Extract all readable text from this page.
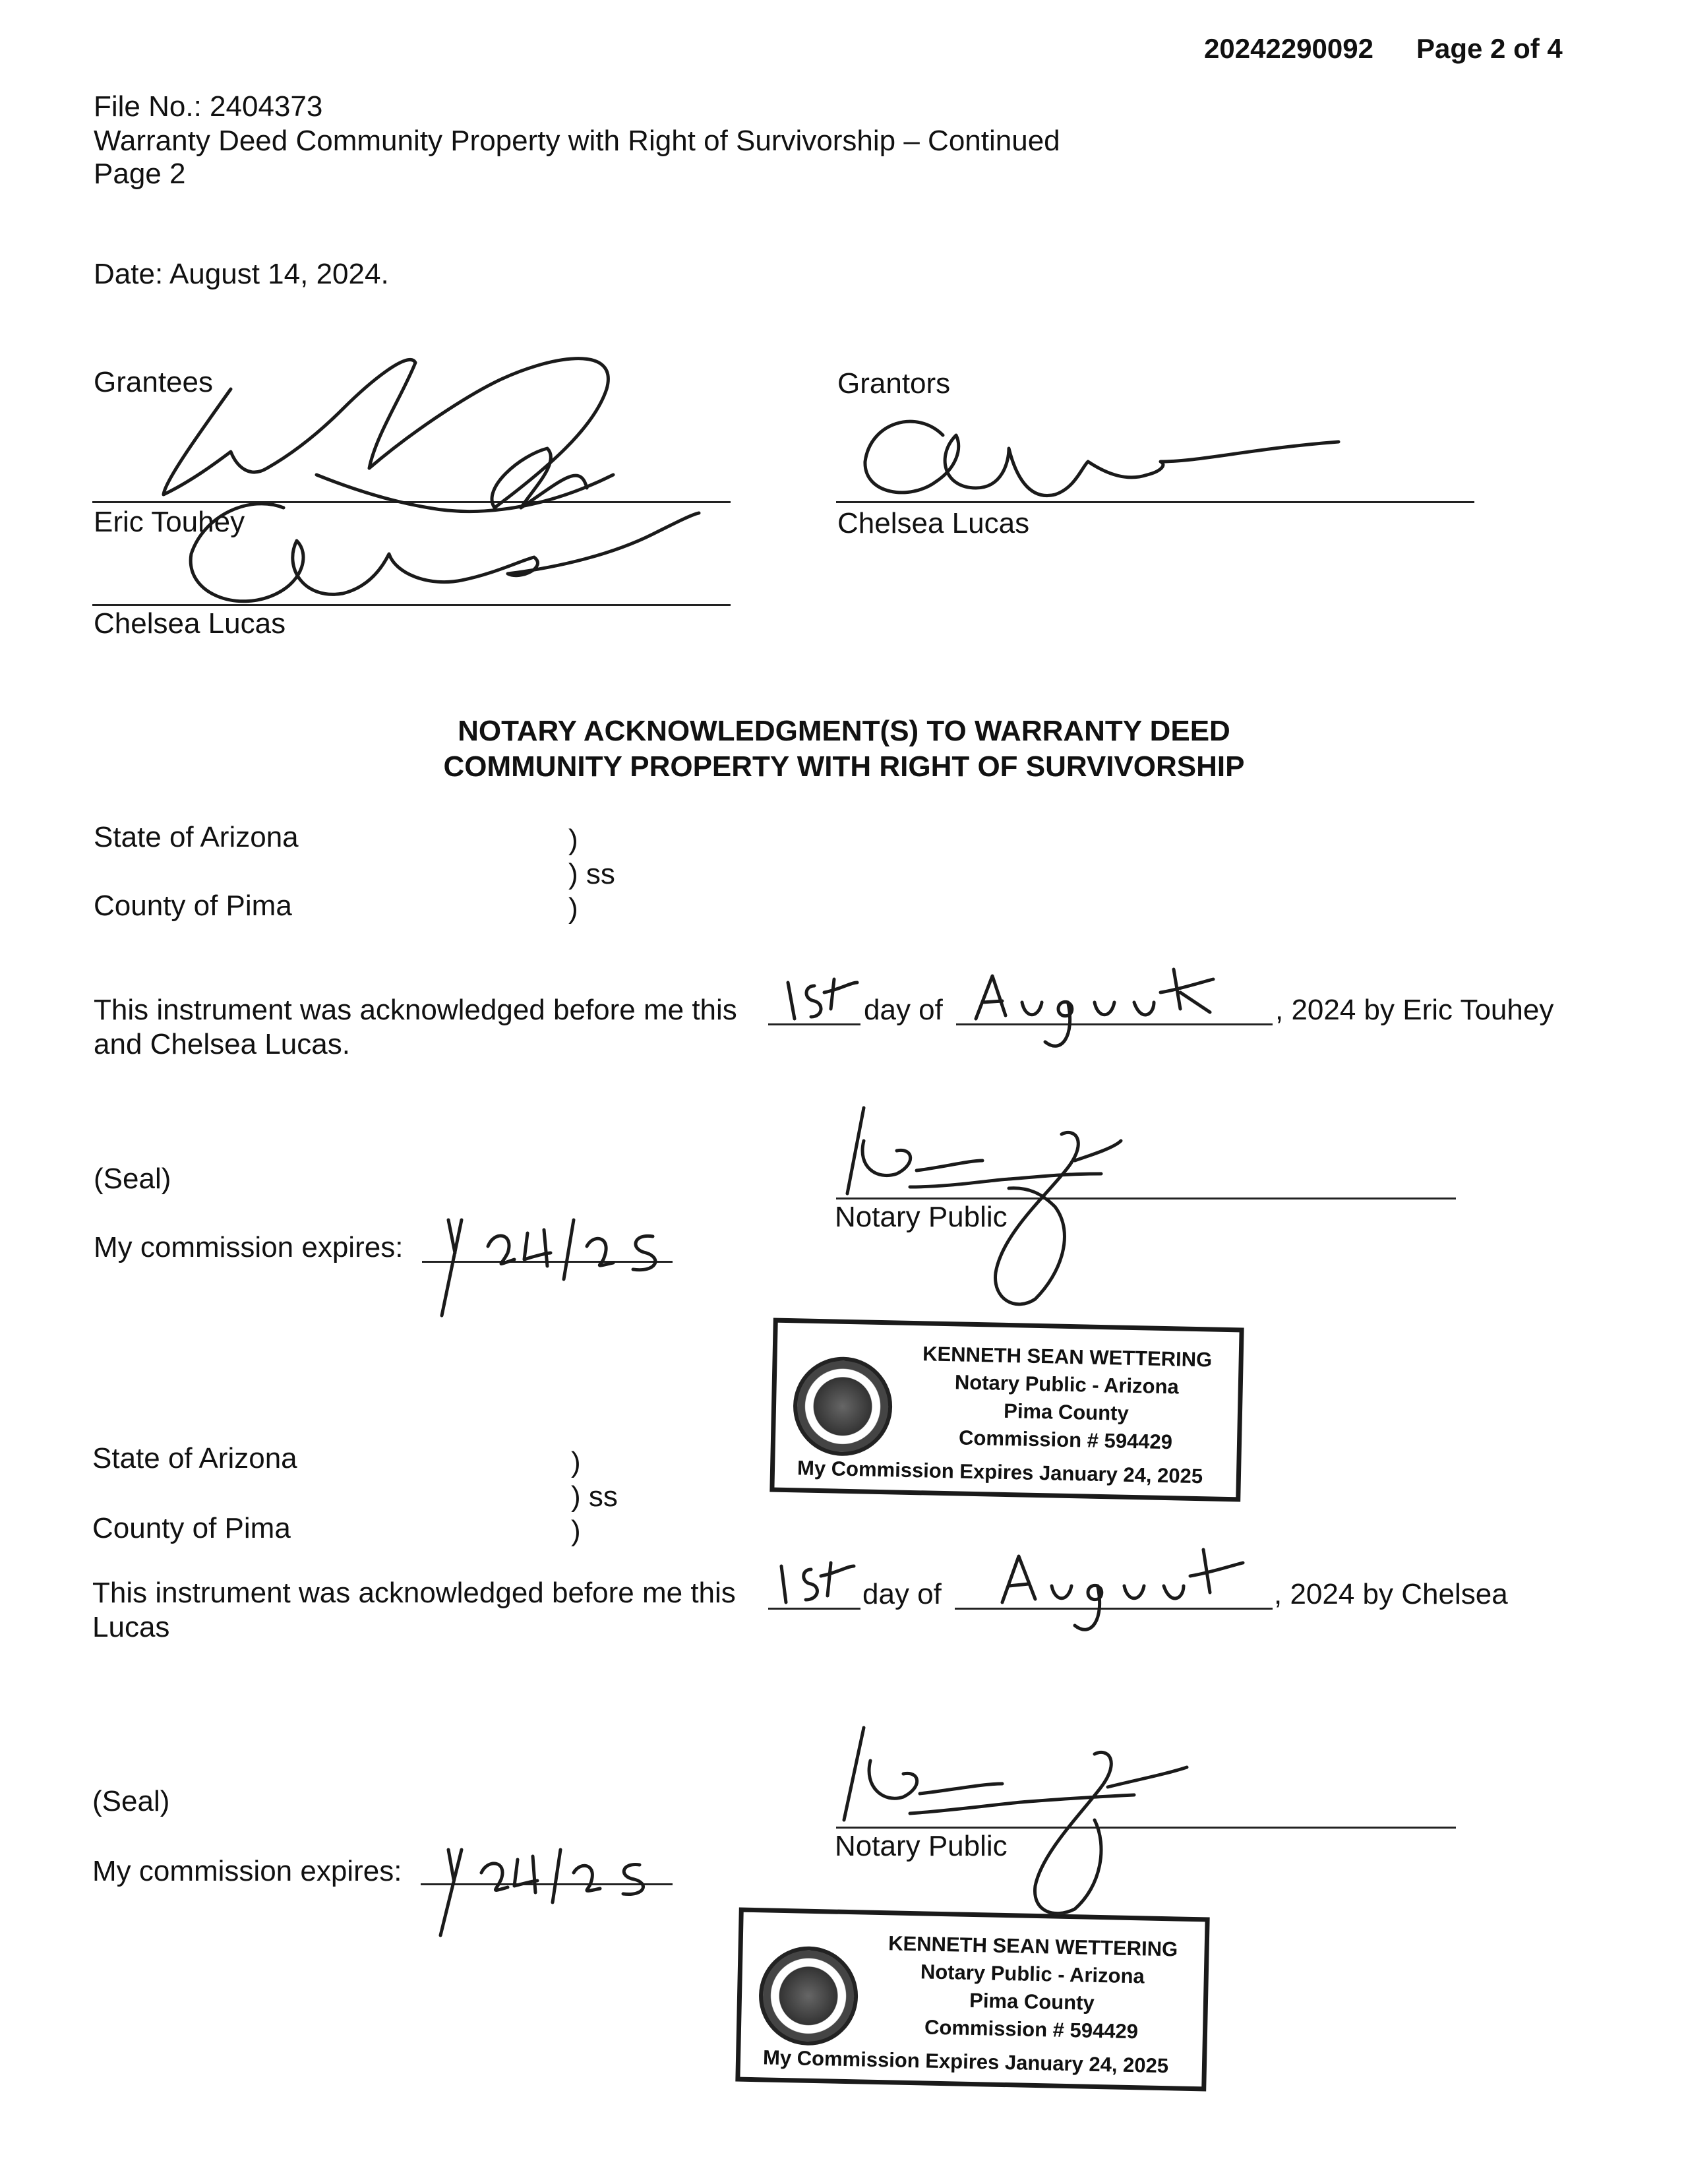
20242290092 Page 2 of 4
File No.: 2404373
Warranty Deed Community Property with Right of Survivorship – Continued
Page 2
Date: August 14, 2024.
Grantees	Grantors
Eric Touhey
Chelsea Lucas
Chelsea Lucas
NOTARY ACKNOWLEDGMENT(S) TO WARRANTY DEED
COMMUNITY PROPERTY WITH RIGHT OF SURVIVORSHIP
State of Arizona	)
) ss
)
County of Pima
This instrument was acknowledged before me this	day of	, 2024 by Eric Touhey
and Chelsea Lucas.
(Seal)
My commission expires:
Notary Public
KENNETH SEAN WETTERING
Notary Public - Arizona
Pima County
Commission # 594429
My Commission Expires January 24, 2025
State of Arizona	)
) ss
)
County of Pima
This instrument was acknowledged before me this	day of	, 2024 by Chelsea
Lucas
(Seal)
My commission expires:
Notary Public
KENNETH SEAN WETTERING
Notary Public - Arizona
Pima County
Commission # 594429
My Commission Expires January 24, 2025
